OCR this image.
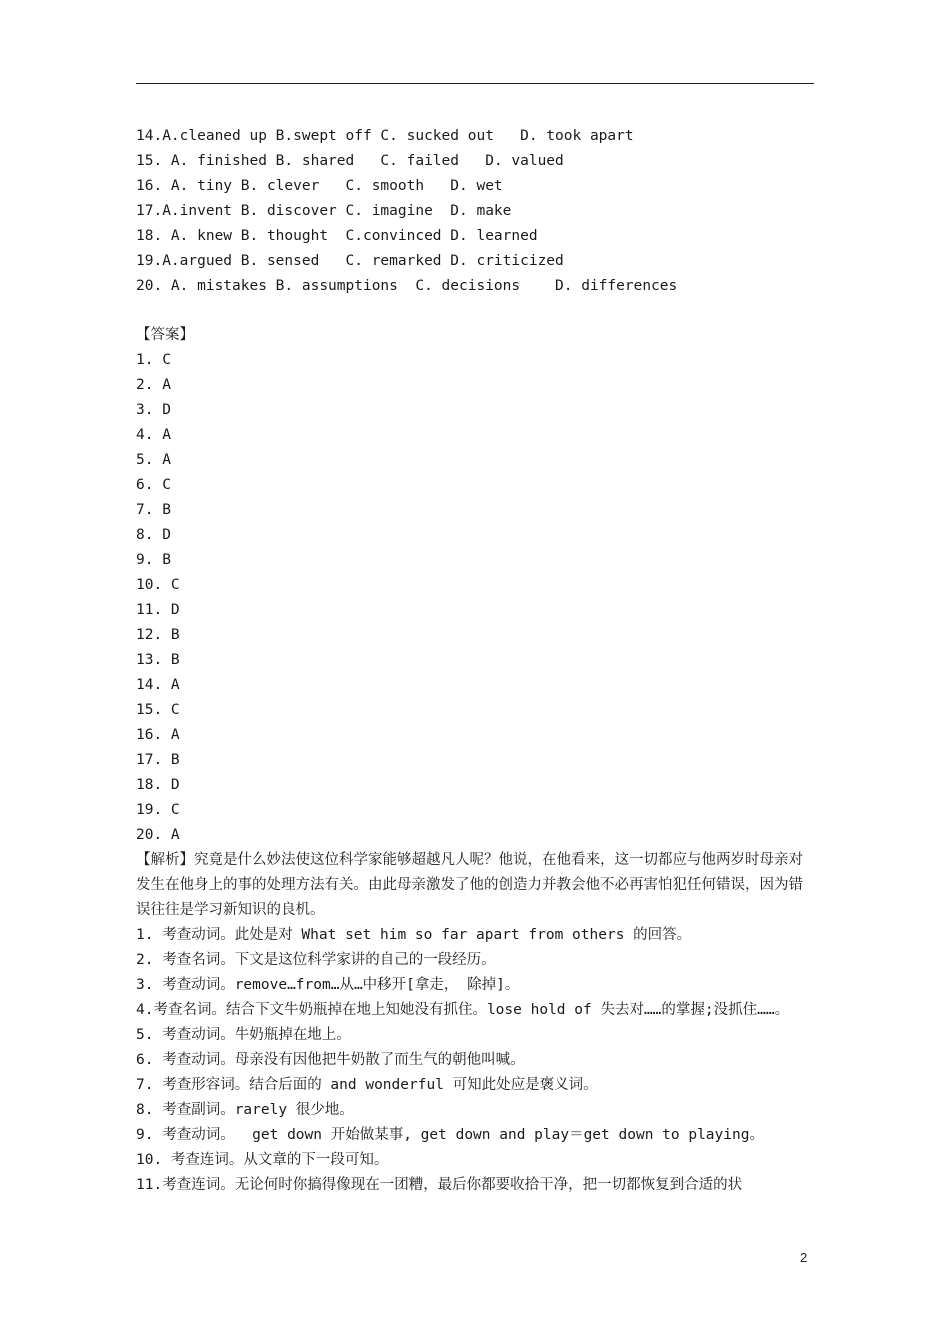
14.A.cleaned up B.swept off C. sucked out   D. took apart
15. A. finished B. shared   C. failed   D. valued
16. A. tiny B. clever   C. smooth   D. wet
17.A.invent B. discover C. imagine  D. make
18. A. knew B. thought  C.convinced D. learned
19.A.argued B. sensed   C. remarked D. criticized
20. A. mistakes B. assumptions  C. decisions    D. differences
【答案】
1. C
2. A
3. D
4. A
5. A
6. C
7. B
8. D
9. B
10. C
11. D
12. B
13. B
14. A
15. C
16. A
17. B
18. D
19. C
20. A
【解析】究竟是什么妙法使这位科学家能够超越凡人呢？他说，在他看来，这一切都应与他两岁时母亲对发生在他身上的事的处理方法有关。由此母亲激发了他的创造力并教会他不必再害怕犯任何错误，因为错误往往是学习新知识的良机。
1. 考查动词。此处是对 What set him so far apart from others 的回答。
2. 考查名词。下文是这位科学家讲的自己的一段经历。
3. 考查动词。remove…from…从…中移开[拿走， 除掉]。
4.考查名词。结合下文牛奶瓶掉在地上知她没有抓住。lose hold of 失去对……的掌握;没抓住……。
5. 考查动词。牛奶瓶掉在地上。
6. 考查动词。母亲没有因他把牛奶散了而生气的朝他叫喊。
7. 考查形容词。结合后面的 and wonderful 可知此处应是褒义词。
8. 考查副词。rarely 很少地。
9. 考查动词。  get down 开始做某事, get down and play＝get down to playing。
10. 考查连词。从文章的下一段可知。
11.考查连词。无论何时你搞得像现在一团糟，最后你都要收拾干净，把一切都恢复到合适的状
2
